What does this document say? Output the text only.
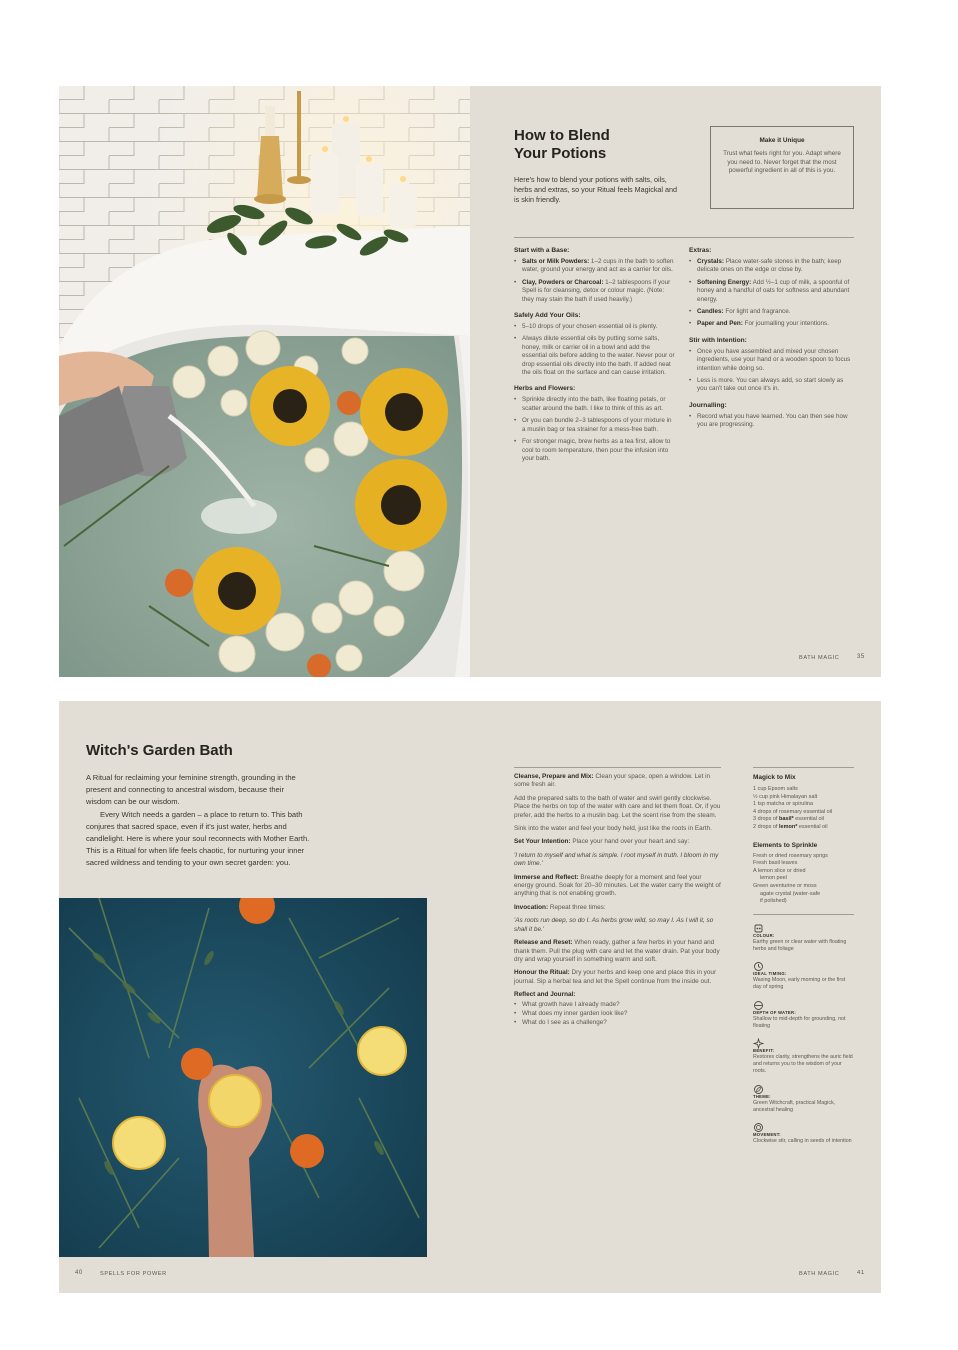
How to Blend
Your Potions
Here's how to blend your potions with salts, oils, herbs and extras, so your Ritual feels Magickal and is skin friendly.
Make it Unique
Trust what feels right for you. Adapt where you need to. Never forget that the most powerful ingredient in all of this is you.
Start with a Base:
• Salts or Milk Powders: 1–2 cups in the bath to soften water, ground your energy and act as a carrier for oils.
• Clay, Powders or Charcoal: 1–2 tablespoons if your Spell is for cleansing, detox or colour magic. (Note: they may stain the bath if used heavily.)
Safely Add Your Oils:
• 5–10 drops of your chosen essential oil is plenty.
• Always dilute essential oils by putting some salts, honey, milk or carrier oil in a bowl and add the essential oils before adding to the water. Never pour or drop essential oils directly into the bath. If added neat the oils float on the surface and can cause irritation.
Herbs and Flowers:
• Sprinkle directly into the bath, like floating petals, or scatter around the bath. I like to think of this as art.
• Or you can bundle 2–3 tablespoons of your mixture in a muslin bag or tea strainer for a mess-free bath.
• For stronger magic, brew herbs as a tea first, allow to cool to room temperature, then pour the infusion into your bath.
Extras:
• Crystals: Place water-safe stones in the bath; keep delicate ones on the edge or close by.
• Softening Energy: Add ½–1 cup of milk, a spoonful of honey and a handful of oats for softness and abundant energy.
• Candles: For light and fragrance.
• Paper and Pen: For journalling your intentions.
Stir with Intention:
• Once you have assembled and mixed your chosen ingredients, use your hand or a wooden spoon to focus intention while doing so.
• Less is more. You can always add, so start slowly as you can't take out once it's in.
Journalling:
• Record what you have learned. You can then see how you are progressing.
BATH MAGIC	35
Witch's Garden Bath
A Ritual for reclaiming your feminine strength, grounding in the
present and connecting to ancestral wisdom, because their
wisdom can be our wisdom.
Every Witch needs a garden – a place to return to. This bath
conjures that sacred space, even if it's just water, herbs and
candlelight. Here is where your soul reconnects with Mother Earth.
This is a Ritual for when life feels chaotic, for nurturing your inner
sacred wildness and tending to your own secret garden: you.
Cleanse, Prepare and Mix: Clean your space, open a window. Let in some fresh air.
Add the prepared salts to the bath of water and swirl gently clockwise. Place the herbs on top of the water with care and let them float. Or, if you prefer, add the herbs to a muslin bag. Let the scent rise from the steam.
Sink into the water and feel your body held, just like the roots in Earth.
Set Your Intention: Place your hand over your heart and say:
'I return to myself and what is simple. I root myself in truth. I bloom in my own time.'
Immerse and Reflect: Breathe deeply for a moment and feel your energy ground. Soak for 20–30 minutes. Let the water carry the weight of anything that is not enabling growth.
Invocation: Repeat three times:
'As roots run deep, so do I. As herbs grow wild, so may I. As I will it, so shall it be.'
Release and Reset: When ready, gather a few herbs in your hand and thank them. Pull the plug with care and let the water drain. Pat your body dry and wrap yourself in something warm and soft.
Honour the Ritual: Dry your herbs and keep one and place this in your journal. Sip a herbal tea and let the Spell continue from the inside out.
Reflect and Journal:
• What growth have I already made?
• What does my inner garden look like?
• What do I see as a challenge?
Magick to Mix
1 cup Epsom salts
½ cup pink Himalayan salt
1 tsp matcha or spirulina
4 drops of rosemary essential oil
3 drops of basil* essential oil
2 drops of lemon* essential oil
Elements to Sprinkle
Fresh or dried rosemary sprigs
Fresh basil leaves
A lemon slice or dried
lemon peel
Green aventurine or moss
agate crystal (water-safe
if polished)
COLOUR:
Earthy green or clear water with floating herbs and foliage
IDEAL TIMING:
Waxing Moon, early morning or the first day of spring
DEPTH OF WATER:
Shallow to mid-depth for grounding, not floating
BENEFIT:
Restores clarity, strengthens the auric field and returns you to the wisdom of your roots.
THEME:
Green Witchcraft, practical Magick, ancestral healing
MOVEMENT:
Clockwise stir, calling in seeds of intention
40	SPELLS FOR POWER	BATH MAGIC	41
